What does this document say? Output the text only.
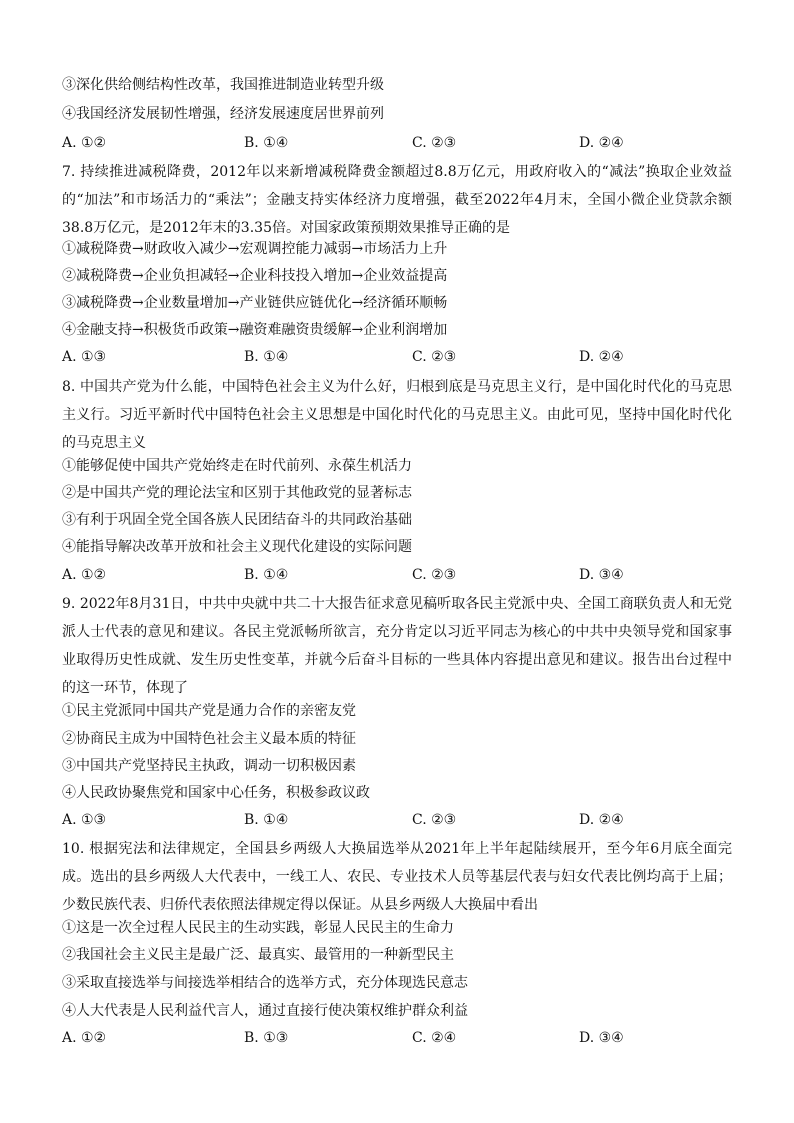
③深化供给侧结构性改革，我国推进制造业转型升级
④我国经济发展韧性增强，经济发展速度居世界前列
A. ①②	B. ①④	C. ②③	D. ②④
7. 持续推进减税降费，2012年以来新增减税降费金额超过8.8万亿元，用政府收入的“减法”换取企业效益的“加法”和市场活力的“乘法”；金融支持实体经济力度增强，截至2022年4月末，全国小微企业贷款余额38.8万亿元，是2012年末的3.35倍。对国家政策预期效果推导正确的是
①减税降费→财政收入减少→宏观调控能力减弱→市场活力上升
②减税降费→企业负担减轻→企业科技投入增加→企业效益提高
③减税降费→企业数量增加→产业链供应链优化→经济循环顺畅
④金融支持→积极货币政策→融资难融资贵缓解→企业利润增加
A. ①③	B. ①④	C. ②③	D. ②④
8. 中国共产党为什么能，中国特色社会主义为什么好，归根到底是马克思主义行，是中国化时代化的马克思主义行。习近平新时代中国特色社会主义思想是中国化时代化的马克思主义。由此可见，坚持中国化时代化的马克思主义
①能够促使中国共产党始终走在时代前列、永葆生机活力
②是中国共产党的理论法宝和区别于其他政党的显著标志
③有利于巩固全党全国各族人民团结奋斗的共同政治基础
④能指导解决改革开放和社会主义现代化建设的实际问题
A. ①②	B. ①④	C. ②③	D. ③④
9. 2022年8月31日，中共中央就中共二十大报告征求意见稿听取各民主党派中央、全国工商联负责人和无党派人士代表的意见和建议。各民主党派畅所欲言，充分肯定以习近平同志为核心的中共中央领导党和国家事业取得历史性成就、发生历史性变革，并就今后奋斗目标的一些具体内容提出意见和建议。报告出台过程中的这一环节，体现了
①民主党派同中国共产党是通力合作的亲密友党
②协商民主成为中国特色社会主义最本质的特征
③中国共产党坚持民主执政，调动一切积极因素
④人民政协聚焦党和国家中心任务，积极参政议政
A. ①③	B. ①④	C. ②③	D. ②④
10. 根据宪法和法律规定，全国县乡两级人大换届选举从2021年上半年起陆续展开，至今年6月底全面完成。选出的县乡两级人大代表中，一线工人、农民、专业技术人员等基层代表与妇女代表比例均高于上届；少数民族代表、归侨代表依照法律规定得以保证。从县乡两级人大换届中看出
①这是一次全过程人民民主的生动实践，彰显人民民主的生命力
②我国社会主义民主是最广泛、最真实、最管用的一种新型民主
③采取直接选举与间接选举相结合的选举方式，充分体现选民意志
④人大代表是人民利益代言人，通过直接行使决策权维护群众利益
A. ①②	B. ①③	C. ②④	D. ③④
